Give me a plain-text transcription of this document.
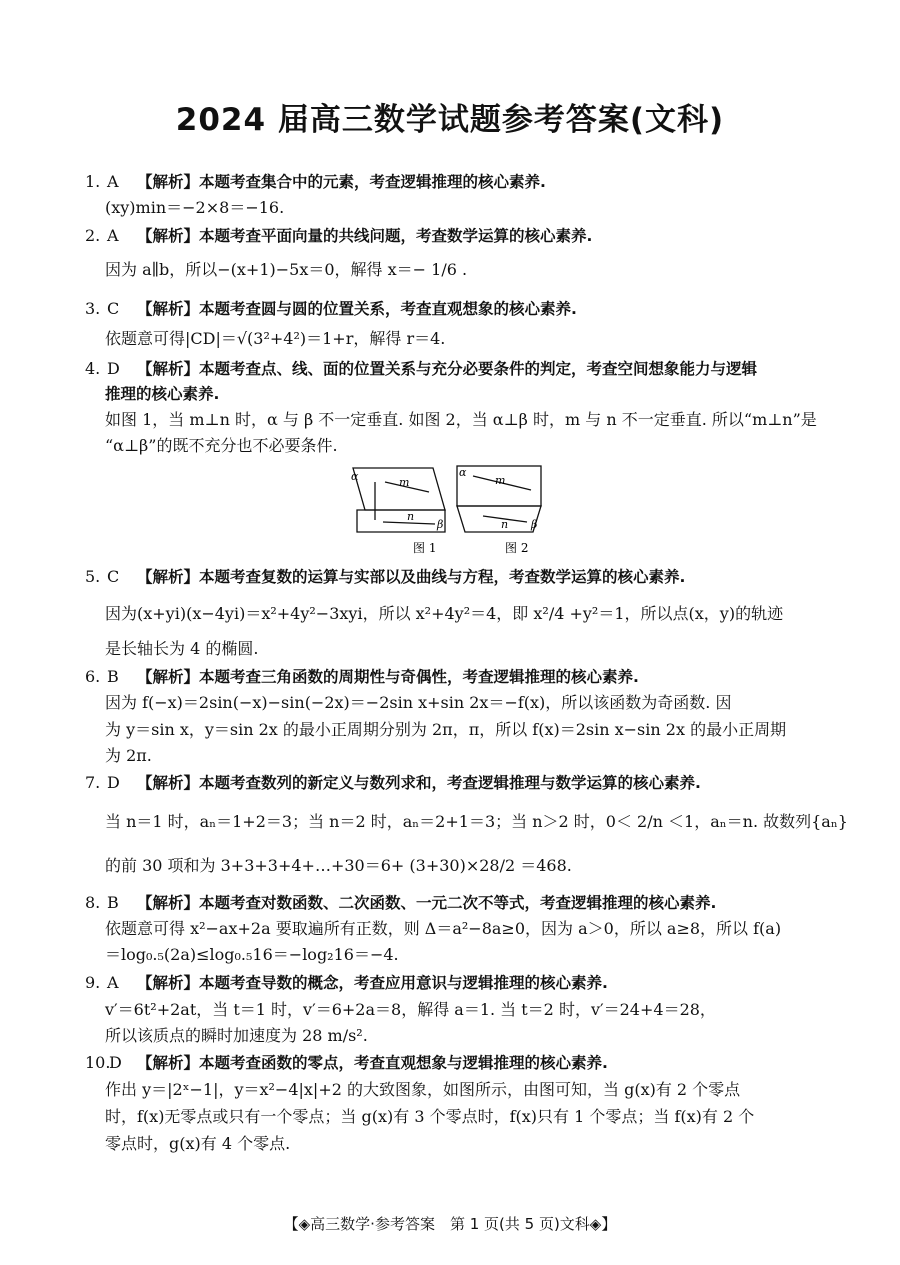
2024 届高三数学试题参考答案(文科)
1. A 【解析】本题考查集合中的元素，考查逻辑推理的核心素养.
(xy)min＝−2×8＝−16.
2. A 【解析】本题考查平面向量的共线问题，考查数学运算的核心素养.
因为 a∥b，所以−(x+1)−5x＝0，解得 x＝− 1/6 .
3. C 【解析】本题考查圆与圆的位置关系，考查直观想象的核心素养.
依题意可得|CD|＝√(3²+4²)＝1+r，解得 r＝4.
4. D 【解析】本题考查点、线、面的位置关系与充分必要条件的判定，考查空间想象能力与逻辑
推理的核心素养.
如图 1，当 m⊥n 时，α 与 β 不一定垂直. 如图 2，当 α⊥β 时，m 与 n 不一定垂直. 所以“m⊥n”是
“α⊥β”的既不充分也不必要条件.
α	m
n
β
α
m
n β
图 1	图 2
5. C 【解析】本题考查复数的运算与实部以及曲线与方程，考查数学运算的核心素养.
因为(x+yi)(x−4yi)＝x²+4y²−3xyi，所以 x²+4y²＝4，即 x²/4 +y²＝1，所以点(x，y)的轨迹
是长轴长为 4 的椭圆.
6. B 【解析】本题考查三角函数的周期性与奇偶性，考查逻辑推理的核心素养.
因为 f(−x)＝2sin(−x)−sin(−2x)＝−2sin x+sin 2x＝−f(x)，所以该函数为奇函数. 因
为 y＝sin x，y＝sin 2x 的最小正周期分别为 2π，π，所以 f(x)＝2sin x−sin 2x 的最小正周期
为 2π.
7. D 【解析】本题考查数列的新定义与数列求和，考查逻辑推理与数学运算的核心素养.
当 n＝1 时，aₙ＝1+2＝3；当 n＝2 时，aₙ＝2+1＝3；当 n＞2 时，0＜ 2/n ＜1，aₙ＝n. 故数列{aₙ}
的前 30 项和为 3+3+3+4+…+30＝6+ (3+30)×28/2 ＝468.
8. B 【解析】本题考查对数函数、二次函数、一元二次不等式，考查逻辑推理的核心素养.
依题意可得 x²−ax+2a 要取遍所有正数，则 Δ＝a²−8a≥0，因为 a＞0，所以 a≥8，所以 f(a)
＝log₀.₅(2a)≤log₀.₅16＝−log₂16＝−4.
9. A 【解析】本题考查导数的概念，考查应用意识与逻辑推理的核心素养.
v′＝6t²+2at，当 t＝1 时，v′＝6+2a＝8，解得 a＝1. 当 t＝2 时，v′＝24+4＝28，
所以该质点的瞬时加速度为 28 m/s².
10.D 【解析】本题考查函数的零点，考查直观想象与逻辑推理的核心素养.
作出 y＝|2ˣ−1|，y＝x²−4|x|+2 的大致图象，如图所示，由图可知，当 g(x)有 2 个零点
时，f(x)无零点或只有一个零点；当 g(x)有 3 个零点时，f(x)只有 1 个零点；当 f(x)有 2 个
零点时，g(x)有 4 个零点.
【◈高三数学·参考答案　第 1 页(共 5 页)文科◈】
